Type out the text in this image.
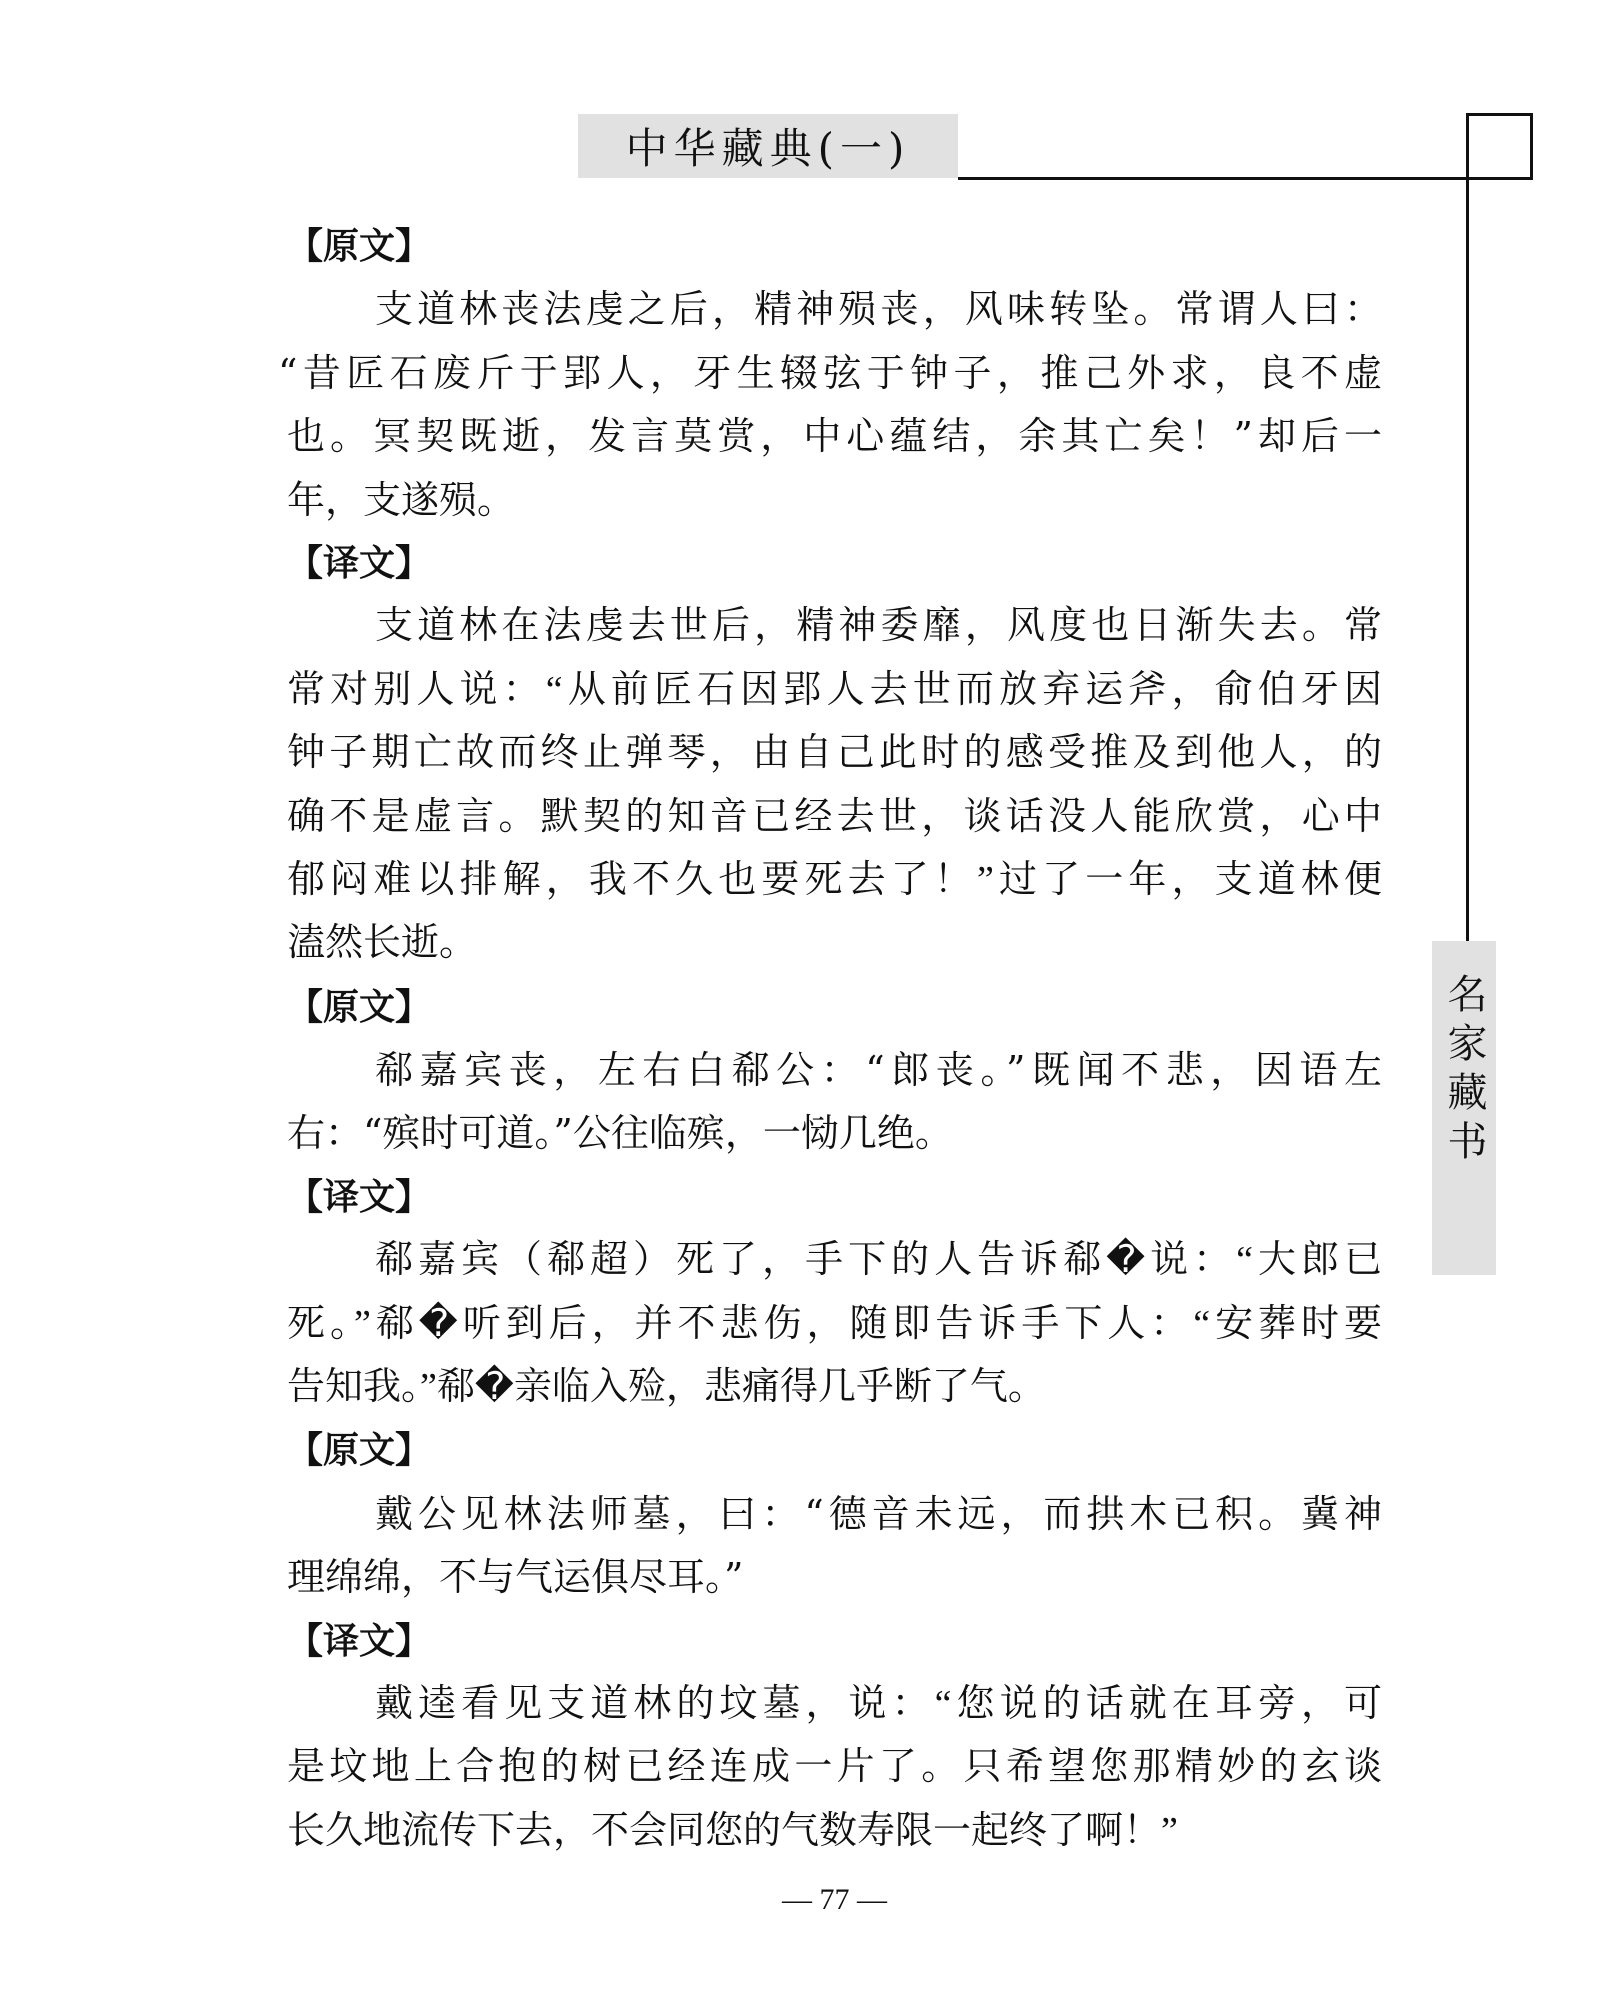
中华藏典(一)
名家藏书
【原文】
支道林丧法虔之后，精神殒丧，风味转坠。常谓人曰：
“昔匠石废斤于郢人，牙生辍弦于钟子，推己外求，良不虚
也。冥契既逝，发言莫赏，中心蕴结，余其亡矣！”却后一
年，支遂殒。
【译文】
支道林在法虔去世后，精神委靡，风度也日渐失去。常
常对别人说：“从前匠石因郢人去世而放弃运斧，俞伯牙因
钟子期亡故而终止弹琴，由自己此时的感受推及到他人，的
确不是虚言。默契的知音已经去世，谈话没人能欣赏，心中
郁闷难以排解，我不久也要死去了！”过了一年，支道林便
溘然长逝。
【原文】
郗嘉宾丧，左右白郗公：“郎丧。”既闻不悲，因语左
右：“殡时可道。”公往临殡，一恸几绝。
【译文】
郗嘉宾（郗超）死了，手下的人告诉郗�说：“大郎已
死。”郗�听到后，并不悲伤，随即告诉手下人：“安葬时要
告知我。”郗�亲临入殓，悲痛得几乎断了气。
【原文】
戴公见林法师墓，曰：“德音未远，而拱木已积。冀神
理绵绵，不与气运俱尽耳。”
【译文】
戴逵看见支道林的坟墓，说：“您说的话就在耳旁，可
是坟地上合抱的树已经连成一片了。只希望您那精妙的玄谈
长久地流传下去，不会同您的气数寿限一起终了啊！”
— 77 —
